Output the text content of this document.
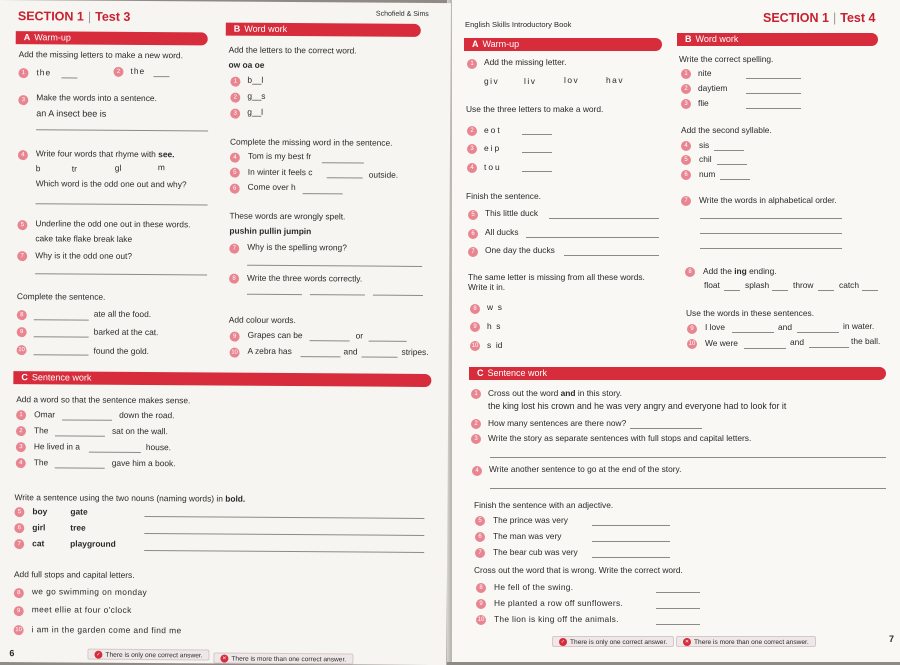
SECTION 1 | Test 3	Schofield & Sims
A Warm-up
Add the missing letters to make a new word.
1	the	2	the
3	Make the words into a sentence.
an A insect bee is
4	Write four words that rhyme with see.
b	tr	gl	m
Which word is the odd one out and why?
5	Underline the odd one out in these words.
cake take flake break lake
7	Why is it the odd one out?
Complete the sentence.
8	ate all the food.
9	barked at the cat.
10	found the gold.
B Word work
Add the letters to the correct word.
ow oa oe
1	b__l
2	g__s
3	g__l
Complete the missing word in the sentence.
4	Tom is my best fr
5	In winter it feels c	outside.
6	Come over h
These words are wrongly spelt.
pushin pullin jumpin
7	Why is the spelling wrong?
8	Write the three words correctly.
Add colour words.
9	Grapes can be	or
10 A zebra has	and	stripes.
C Sentence work
Add a word so that the sentence makes sense.
1	Omar	down the road.
2	The	sat on the wall.
3	He lived in a	house.
4	The	gave him a book.
Write a sentence using the two nouns (naming words) in bold.
5	boy	gate
6	girl	tree
7	cat	playground
Add full stops and capital letters.
8	we go swimming on monday
9	meet ellie at four o'clock
10 i am in the garden come and find me
6	✓ There is only one correct answer.	✕ There is more than one correct answer.
English Skills Introductory Book	SECTION 1 | Test 4
A Warm-up
1	Add the missing letter.
giv	liv	lov	hav
Use the three letters to make a word.
2	eot
3	eip
4	tou
Finish the sentence.
5	This little duck
6	All ducks
7	One day the ducks
The same letter is missing from all these words.
Write it in.
8	w  s
9	h  s
10 s  id
B Word work
Write the correct spelling.
1	nite
2	daytiem
3	flie
Add the second syllable.
4	sis
5	chil
6	num
7	Write the words in alphabetical order.
8	Add the ing ending.
float	splash	throw	catch
Use the words in these sentences.
9	I love	and	in water.
10 We were	and	the ball.
C Sentence work
1	Cross out the word and in this story.
the king lost his crown and he was very angry and everyone had to look for it
2	How many sentences are there now?
3	Write the story as separate sentences with full stops and capital letters.
4	Write another sentence to go at the end of the story.
Finish the sentence with an adjective.
5	The prince was very
6	The man was very
7	The bear cub was very
Cross out the word that is wrong. Write the correct word.
8	He fell of the swing.
9	He planted a row off sunflowers.
10 The lion is king off the animals.
✓ There is only one correct answer.	✕ There is more than one correct answer.	7
